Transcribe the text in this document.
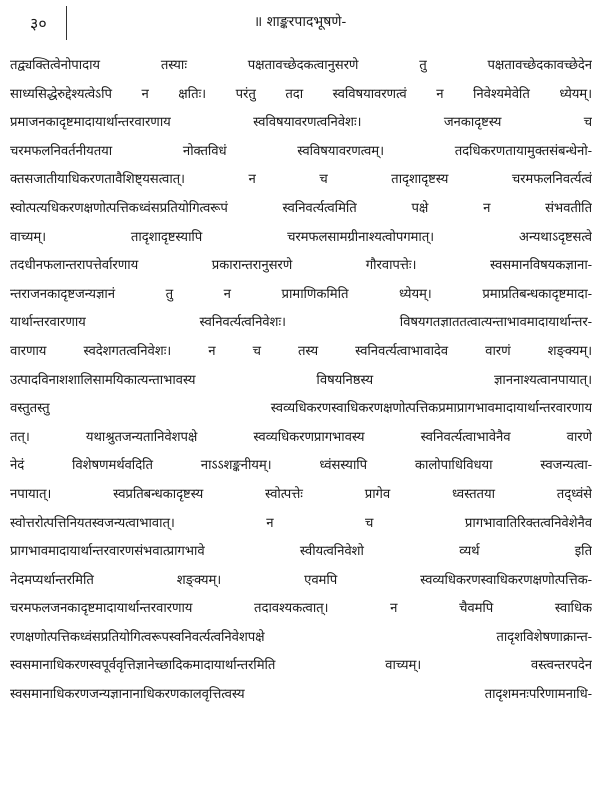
३०	॥ शाङ्करपादभूषणे-
तद्व्यक्तित्वेनोपादाय तस्याः पक्षतावच्छेदकत्वानुसरणे तु पक्षतावच्छेदकावच्छेदेन
साध्यसिद्धेरुद्देश्यत्वेऽपि न क्षतिः। परंतु तदा स्वविषयावरणत्वं न निवेश्यमेवेति ध्येयम्।
प्रमाजनकादृष्टमादायार्थान्तरवारणाय स्वविषयावरणत्वनिवेशः। जनकादृष्टस्य च
चरमफलनिवर्तनीयतया नोक्तविधं स्वविषयावरणत्वम्। तदधिकरणतायामुक्तसंबन्धेनो-
क्तसजातीयाधिकरणतावैशिष्ट्यसत्वात्। न च तादृशादृष्टस्य चरमफलनिवर्त्यत्वं
स्वोत्पत्यधिकरणक्षणोत्पत्तिकध्वंसप्रतियोगित्वरूपं स्वनिवर्त्यत्वमिति पक्षे न संभवतीति
वाच्यम्। तादृशादृष्टस्यापि चरमफलसामग्रीनाश्यत्वोपगमात्। अन्यथाऽदृष्टसत्वे
तदधीनफलान्तरापत्तेर्वारणाय प्रकारान्तरानुसरणे गौरवापत्तेः। स्वसमानविषयकज्ञाना-
न्तराजनकादृष्टजन्यज्ञानं तु न प्रामाणिकमिति ध्येयम्। प्रमाप्रतिबन्धकादृष्टमादा-
यार्थान्तरवारणाय स्वनिवर्त्यत्वनिवेशः। विषयगतज्ञाततत्वात्यन्ताभावमादायार्थान्तर-
वारणाय स्वदेशगतत्वनिवेशः। न च तस्य स्वनिवर्त्यत्वाभावादेव वारणं शङ्क्यम्।
उत्पादविनाशशालिसामयिकात्यन्ताभावस्य विषयनिष्ठस्य ज्ञाननाश्यत्वानपायात्।
वस्तुतस्तु स्वव्यधिकरणस्वाधिकरणक्षणोत्पत्तिकप्रमाप्रागभावमादायार्थान्तरवारणाय
तत्। यथाश्रुतजन्यतानिवेशपक्षे स्वव्यधिकरणप्रागभावस्य स्वनिवर्त्यत्वाभावेनैव वारणे
नेदं विशेषणमर्थवदिति नाऽऽशङ्कनीयम्। ध्वंसस्यापि कालोपाधिविधया स्वजन्यत्वा-
नपायात्। स्वप्रतिबन्धकादृष्टस्य स्वोत्पत्तेः प्रागेव ध्वस्ततया तद्ध्वंसे
स्वोत्तरोत्पत्तिनियतस्वजन्यत्वाभावात्। न च प्रागभावातिरिक्तत्वनिवेशेनैव
प्रागभावमादायार्थान्तरवारणसंभवात्प्रागभावे स्वीयत्वनिवेशो व्यर्थ इति
नेदमप्यर्थान्तरमिति शङ्क्यम्। एवमपि स्वव्यधिकरणस्वाधिकरणक्षणोत्पत्तिक-
चरमफलजनकादृष्टमादायार्थान्तरवारणाय तदावश्यकत्वात्। न चैवमपि स्वाधिक
रणक्षणोत्पत्तिकध्वंसप्रतियोगित्वरूपस्वनिवर्त्यत्वनिवेशपक्षे तादृशविशेषणाक्रान्त-
स्वसमानाधिकरणस्वपूर्ववृत्तिज्ञानेच्छादिकमादायार्थान्तरमिति वाच्यम्। वस्त्वन्तरपदेन
स्वसमानाधिकरणजन्यज्ञानानाधिकरणकालवृत्तित्वस्य तादृशमनःपरिणामनाधि-
